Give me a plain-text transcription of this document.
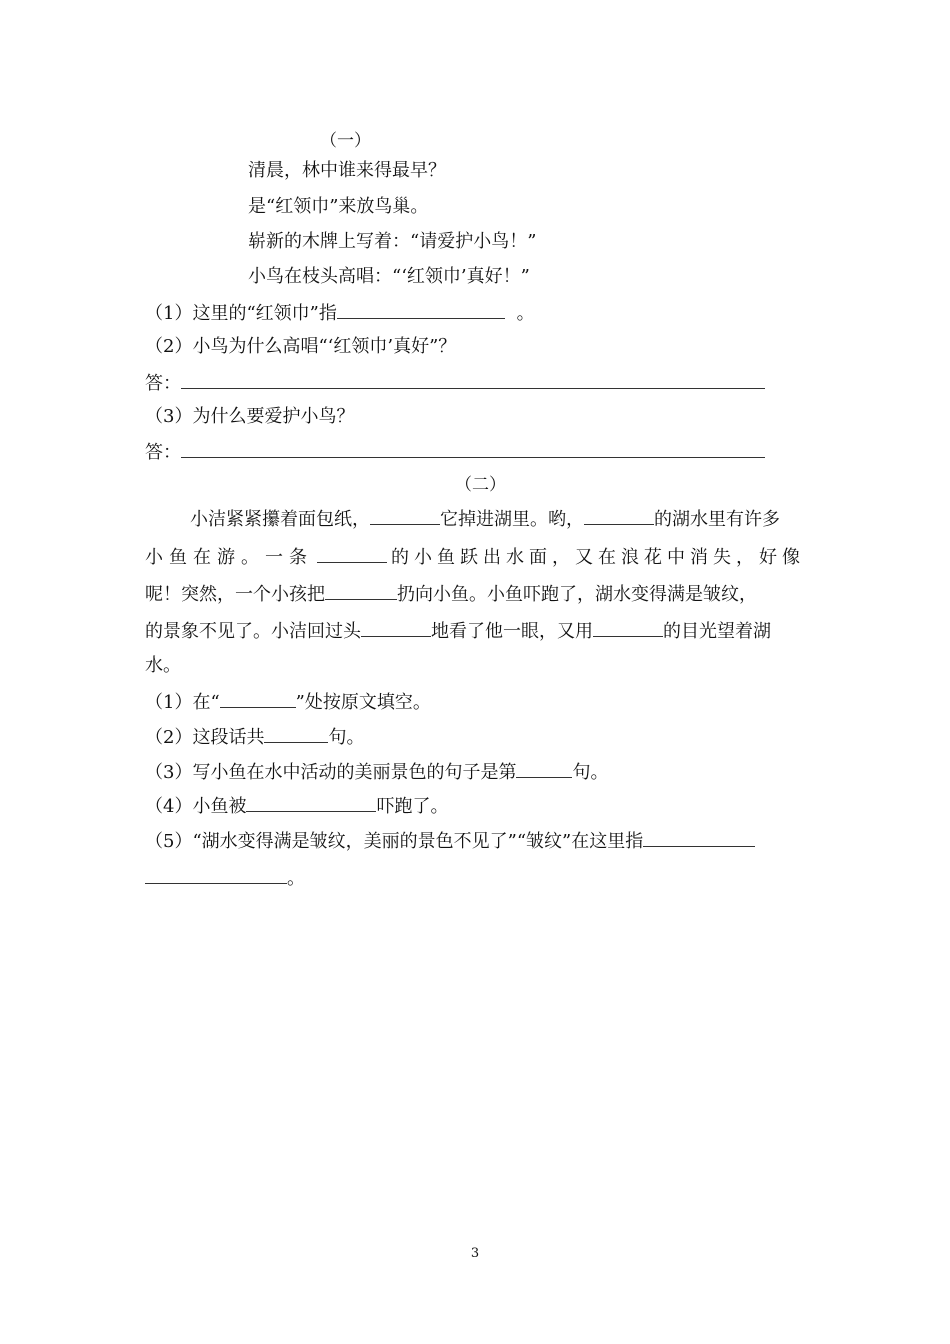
（一）
清晨，林中谁来得最早？
是“红领巾”来放鸟巢。
崭新的木牌上写着：“请爱护小鸟！”
小鸟在枝头高唱：“‘红领巾’真好！”
（1）这里的“红领巾”指	。
（2）小鸟为什么高唱“‘红领巾’真好”？
答：
（3）为什么要爱护小鸟？
答：
（二）
小洁紧紧攥着面包纸，	它掉进湖里。哟，	的湖水里有许多
小鱼在游。一条	的小鱼跃出水面，又在浪花中消失，好像
呢！突然，一个小孩把	扔向小鱼。小鱼吓跑了，湖水变得满是皱纹，
的景象不见了。小洁回过头	地看了他一眼，又用	的目光望着湖
水。
（1）在“	”处按原文填空。
（2）这段话共	句。
（3）写小鱼在水中活动的美丽景色的句子是第	句。
（4）小鱼被	吓跑了。
（5）“湖水变得满是皱纹，美丽的景色不见了”“皱纹”在这里指
。
3
